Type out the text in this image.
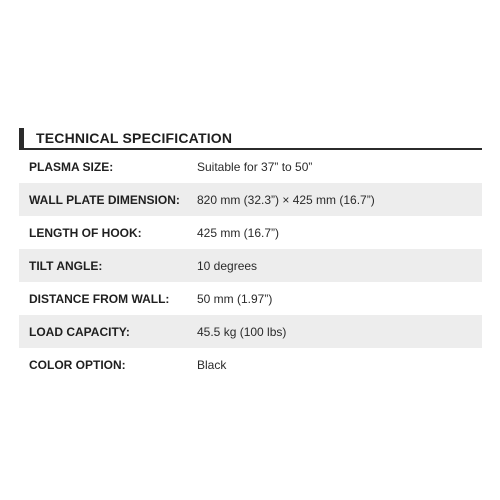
TECHNICAL SPECIFICATION
PLASMA SIZE:	Suitable for 37” to 50”
WALL PLATE DIMENSION:	820 mm (32.3”) × 425 mm (16.7”)
LENGTH OF HOOK:	425 mm (16.7”)
TILT ANGLE:	10 degrees
DISTANCE FROM WALL:	50 mm (1.97”)
LOAD CAPACITY:	45.5 kg (100 lbs)
COLOR OPTION:	Black
